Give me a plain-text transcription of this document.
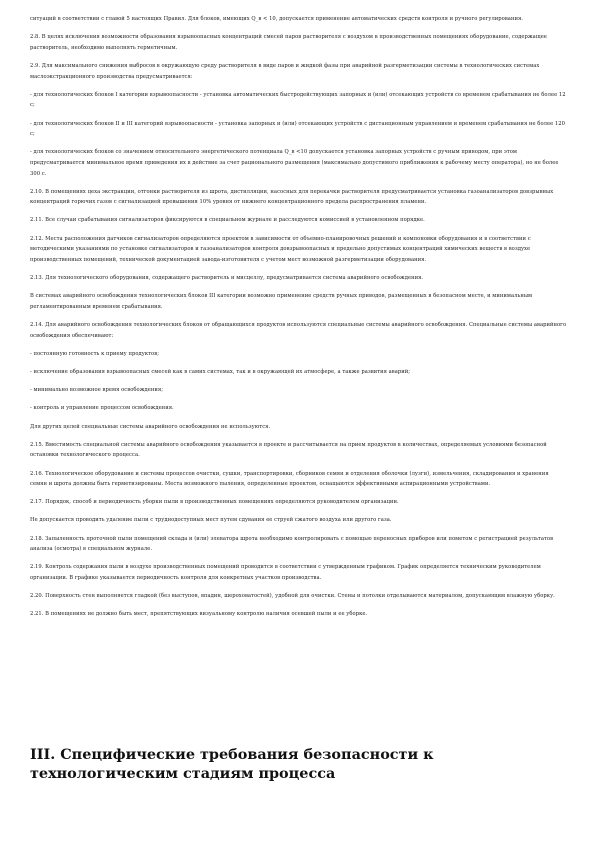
ситуаций в соответствии с главой 5 настоящих Правил. Для блоков, имеющих Q_в < 10, допускается применение автоматических средств контроля и ручного регулирования.

2.8. В целях исключения возможности образования взрывоопасных концентраций смесей паров растворителя с воздухом в производственных помещениях оборудование, содержащее растворитель, необходимо выполнять герметичным.

2.9. Для максимального снижения выбросов в окружающую среду растворителя в виде паров и жидкой фазы при аварийной разгерметизации системы в технологических системах маслоэкстракционного производства предусматривается:

- для технологических блоков I категории взрывоопасности - установка автоматических быстродействующих запорных и (или) отсекающих устройств со временем срабатывания не более 12 с;

- для технологических блоков II и III категорий взрывоопасности - установка запорных и (или) отсекающих устройств с дистанционным управлением и временем срабатывания не более 120 с;

- для технологических блоков со значением относительного энергетического потенциала Q_в <10 допускается установка запорных устройств с ручным приводом, при этом предусматривается минимальное время приведения их в действие за счет рационального размещения (максимально допустимого приближения к рабочему месту оператора), но не более 300 с.

2.10. В помещениях цеха экстракции, отгонки растворителя из шрота, дистилляции, насосных для перекачки растворителя предусматривается установка газоанализаторов довзрывных концентраций горючих газов с сигнализацией превышения 10% уровня от нижнего концентрационного предела распространения пламени.

2.11. Все случаи срабатывания сигнализаторов фиксируются в специальном журнале и расследуются комиссией в установленном порядке.

2.12. Места расположения датчиков сигнализаторов определяются проектом в зависимости от объемно-планировочных решений и компоновки оборудования и в соответствии с методическими указаниями по установке сигнализаторов и газоанализаторов контроля довзрывоопасных и предельно допустимых концентраций химических веществ в воздухе производственных помещений, технической документацией завода-изготовителя с учетом мест возможной разгерметизации оборудования.

2.13. Для технологического оборудования, содержащего растворитель и мисцеллу, предусматривается система аварийного освобождения.

В системах аварийного освобождения технологических блоков III категории возможно применение средств ручных приводов, размещенных в безопасном месте, и минимальным регламентированным временем срабатывания.

2.14. Для аварийного освобождения технологических блоков от обращающихся продуктов используются специальные системы аварийного освобождения. Специальные системы аварийного освобождения обеспечивают:

- постоянную готовность к приему продуктов;

- исключение образования взрывоопасных смесей как в самих системах, так и в окружающей их атмосфере, а также развития аварий;

- минимально возможное время освобождения;

- контроль и управление процессом освобождения.

Для других целей специальные системы аварийного освобождения не используются.

2.15. Вместимость специальной системы аварийного освобождения указывается в проекте и рассчитывается на прием продуктов в количествах, определяемых условиями безопасной остановки технологического процесса.

2.16. Технологическое оборудование и системы процессов очистки, сушки, транспортировки, сборников семян и отделения оболочки (лузги), измельчения, складирования и хранения семян и шрота должны быть герметизированы. Места возможного пыления, определенные проектом, оснащаются эффективными аспирационными устройствами.

2.17. Порядок, способ и периодичность уборки пыли в производственных помещениях определяются руководителем организации.

Не допускается проводить удаление пыли с труднодоступных мест путем сдувания ее струей сжатого воздуха или другого газа.

2.18. Запыленность проточной пыли помещений склада и (или) элеватора шрота необходимо контролировать с помощью переносных приборов или пометом с регистрацией результатов анализа (осмотра) в специальном журнале.

2.19. Контроль содержания пыли в воздухе производственных помещений проводится в соответствии с утвержденным графиком. График определяется техническим руководителем организации. В графике указывается периодичность контроля для конкретных участков производства.

2.20. Поверхность стен выполняется гладкой (без выступов, впадин, шероховатостей), удобной для очистки. Стены и потолки отделываются материалом, допускающим влажную уборку.

2.21. В помещениях не должно быть мест, препятствующих визуальному контролю наличия осевшей пыли и ее уборке.

III. Специфические требования безопасности к технологическим стадиям процесса
